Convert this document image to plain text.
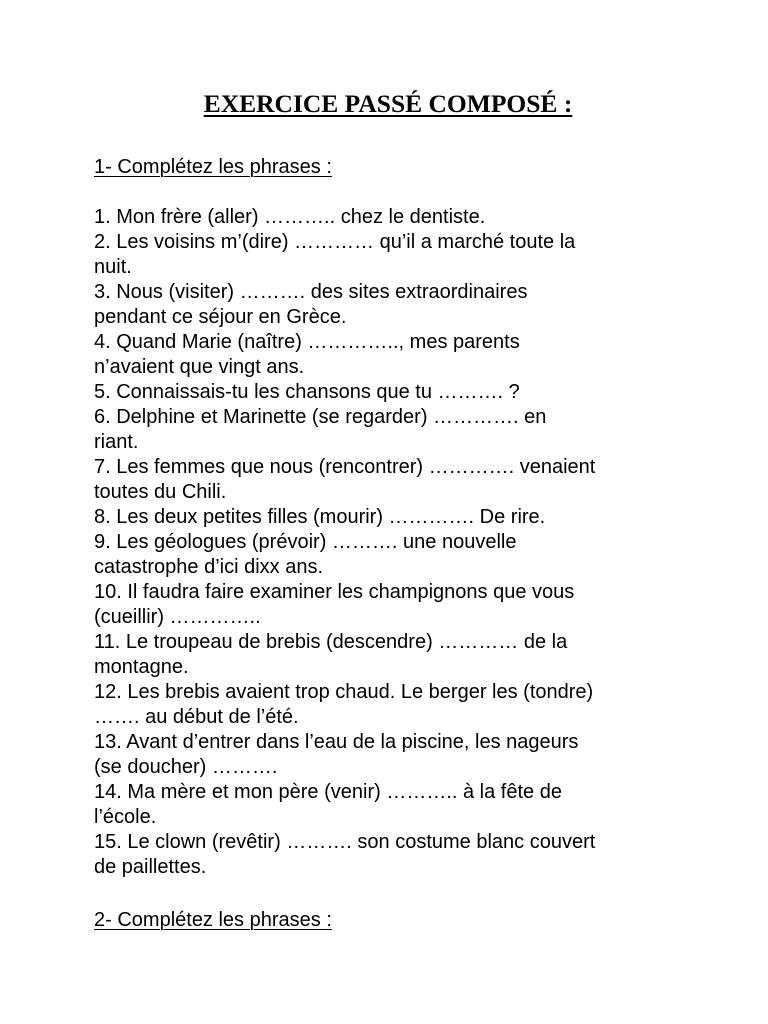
EXERCICE PASSÉ COMPOSÉ :
1- Complétez les phrases :
1. Mon frère (aller) ……….. chez le dentiste.
2. Les voisins m’(dire) ………… qu’il a marché toute la
nuit.
3. Nous (visiter) ………. des sites extraordinaires
pendant ce séjour en Grèce.
4. Quand Marie (naître) ………….., mes parents
n’avaient que vingt ans.
5. Connaissais-tu les chansons que tu ………. ?
6. Delphine et Marinette (se regarder) …………. en
riant.
7. Les femmes que nous (rencontrer) …………. venaient
toutes du Chili.
8. Les deux petites filles (mourir) …………. De rire.
9. Les géologues (prévoir) ………. une nouvelle
catastrophe d’ici dixx ans.
10. Il faudra faire examiner les champignons que vous
(cueillir) …………..
11. Le troupeau de brebis (descendre) ………… de la
montagne.
12. Les brebis avaient trop chaud. Le berger les (tondre)
……. au début de l’été.
13. Avant d’entrer dans l’eau de la piscine, les nageurs
(se doucher) ……….
14. Ma mère et mon père (venir) ……….. à la fête de
l’école.
15. Le clown (revêtir) ………. son costume blanc couvert
de paillettes.
2- Complétez les phrases :
